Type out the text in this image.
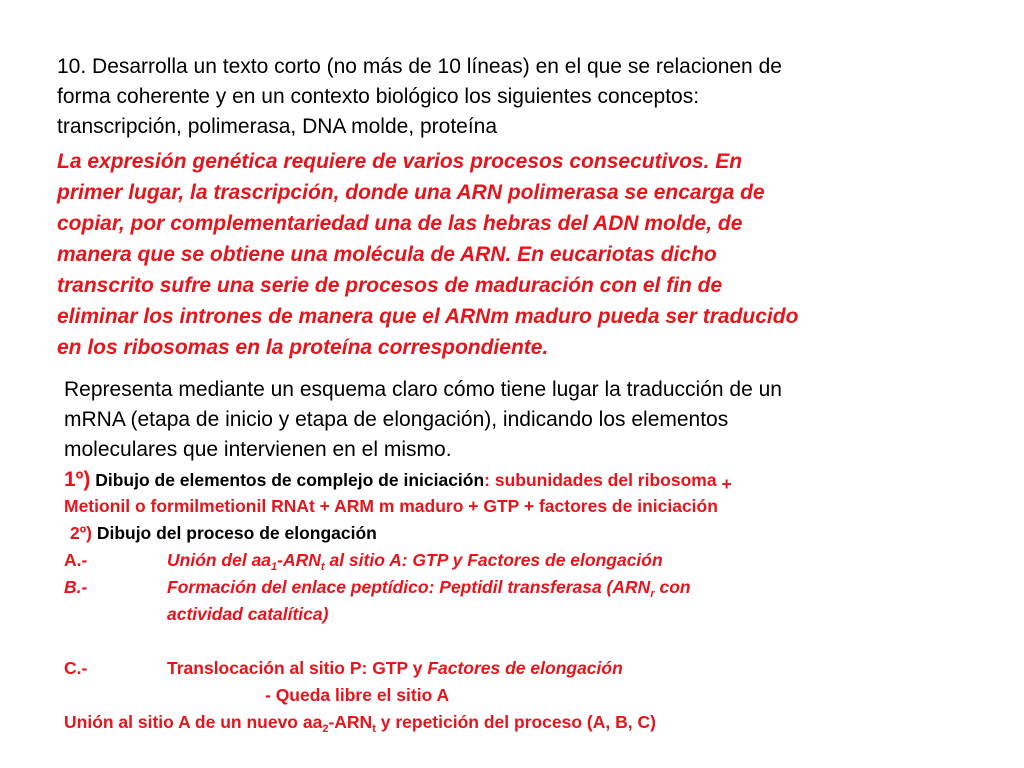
10. Desarrolla un texto corto (no más de 10 líneas) en el que se relacionen de

forma coherente y en un contexto biológico los siguientes conceptos:

transcripción, polimerasa, DNA molde, proteína

La expresión genética requiere de varios procesos consecutivos. En

primer lugar, la trascripción, donde una ARN polimerasa se encarga de

copiar, por complementariedad una de las hebras del ADN molde, de

manera que se obtiene una molécula de ARN. En eucariotas dicho

transcrito sufre una serie de procesos de maduración con el fin de

eliminar los intrones de manera que el ARNm maduro pueda ser traducido

en los ribosomas en la proteína correspondiente.

Representa mediante un esquema claro cómo tiene lugar la traducción de un

mRNA (etapa de inicio y etapa de elongación), indicando los elementos

moleculares que intervienen en el mismo.

1º) Dibujo de elementos de complejo de iniciación: subunidades del ribosoma +
Metionil o formilmetionil RNAt + ARM m maduro + GTP + factores de iniciación
2º) Dibujo del proceso de elongación
A.-	Unión del $aa_1-ARN_t$ al sitio A: GTP y Factores de elongación
B.-	Formación del enlace peptídico: Peptidil transferasa ($ARN_r$ con
actividad catalítica)
C.-	Translocación al sitio P: GTP y Factores de elongación
- Queda libre el sitio A
Unión al sitio A de un nuevo $aa_2-ARN_t$ y repetición del proceso (A, B, C)
